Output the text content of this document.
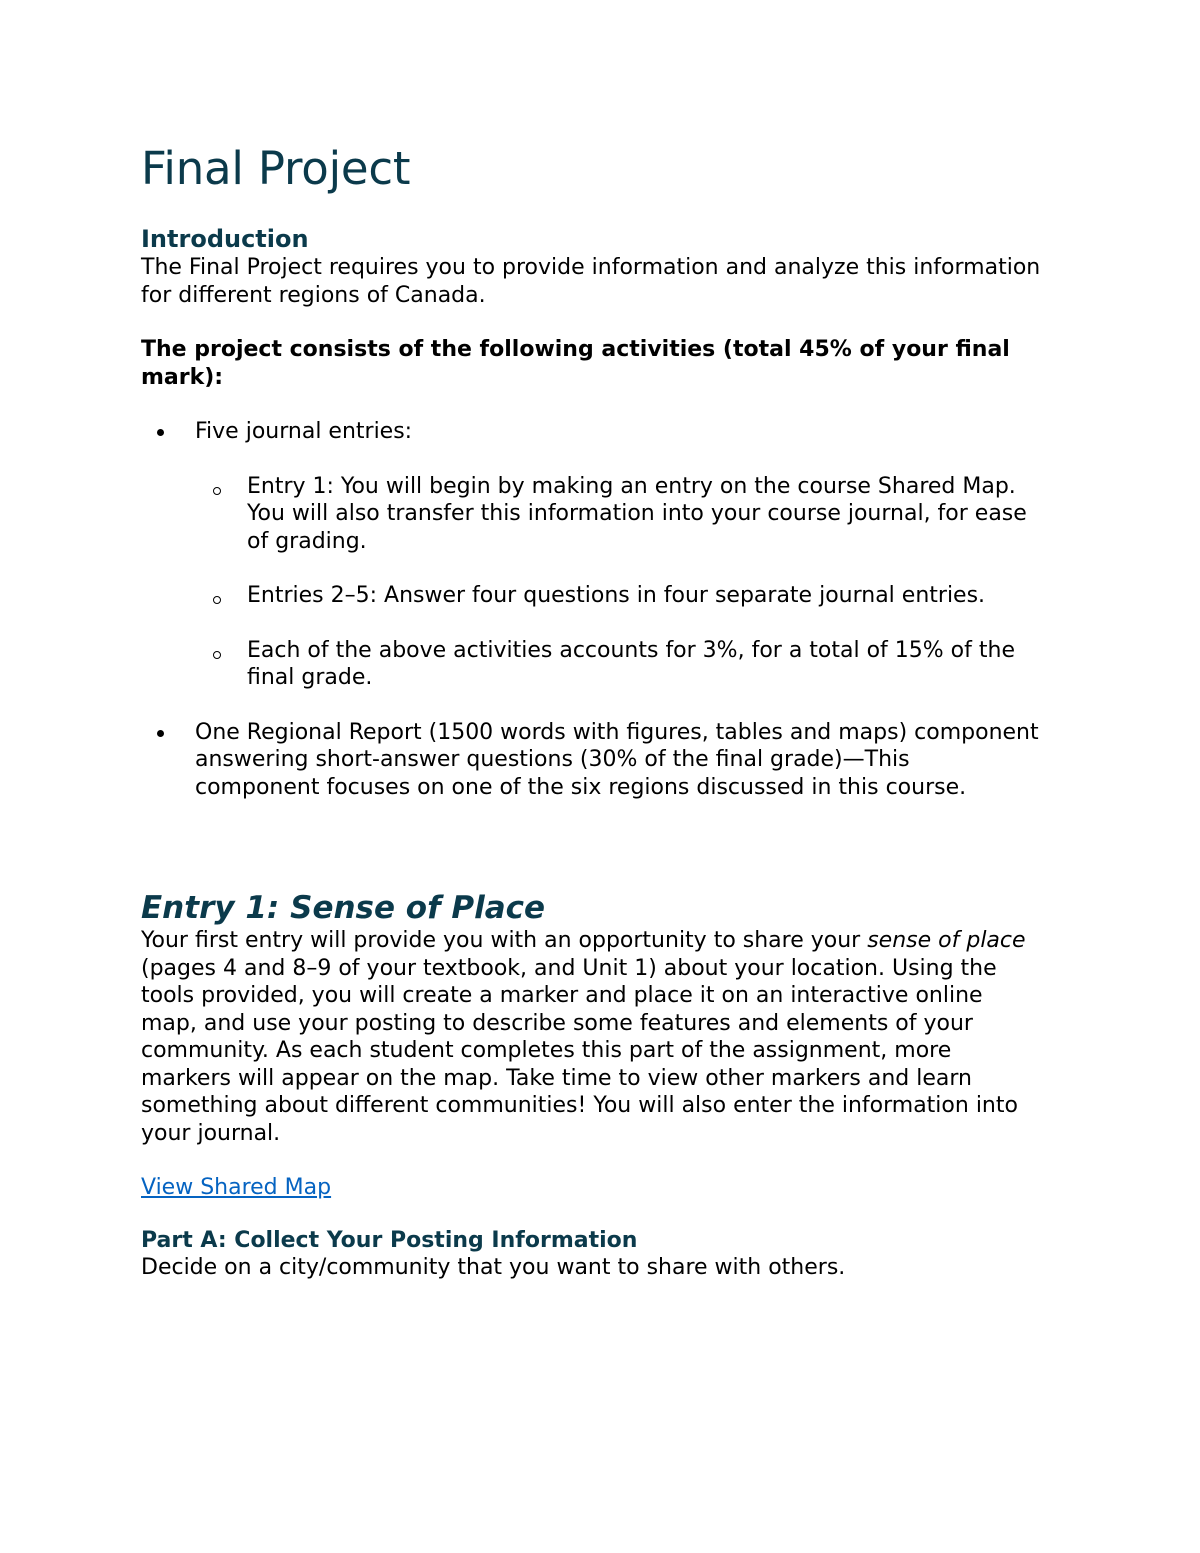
Final Project
Introduction

The Final Project requires you to provide information and analyze this information for different regions of Canada.

The project consists of the following activities (total 45% of your final mark):

Five journal entries:
Entry 1: You will begin by making an entry on the course Shared Map. You will also transfer this information into your course journal, for ease of grading.
Entries 2–5: Answer four questions in four separate journal entries.
Each of the above activities accounts for 3%, for a total of 15% of the final grade.
One Regional Report (1500 words with figures, tables and maps) component answering short-answer questions (30% of the final grade)—This component focuses on one of the six regions discussed in this course.
Entry 1: Sense of Place

Your first entry will provide you with an opportunity to share your sense of place (pages 4 and 8–9 of your textbook, and Unit 1) about your location. Using the tools provided, you will create a marker and place it on an interactive online map, and use your posting to describe some features and elements of your community. As each student completes this part of the assignment, more markers will appear on the map. Take time to view other markers and learn something about different communities! You will also enter the information into your journal.

View Shared Map
Part A: Collect Your Posting Information

Decide on a city/community that you want to share with others.
